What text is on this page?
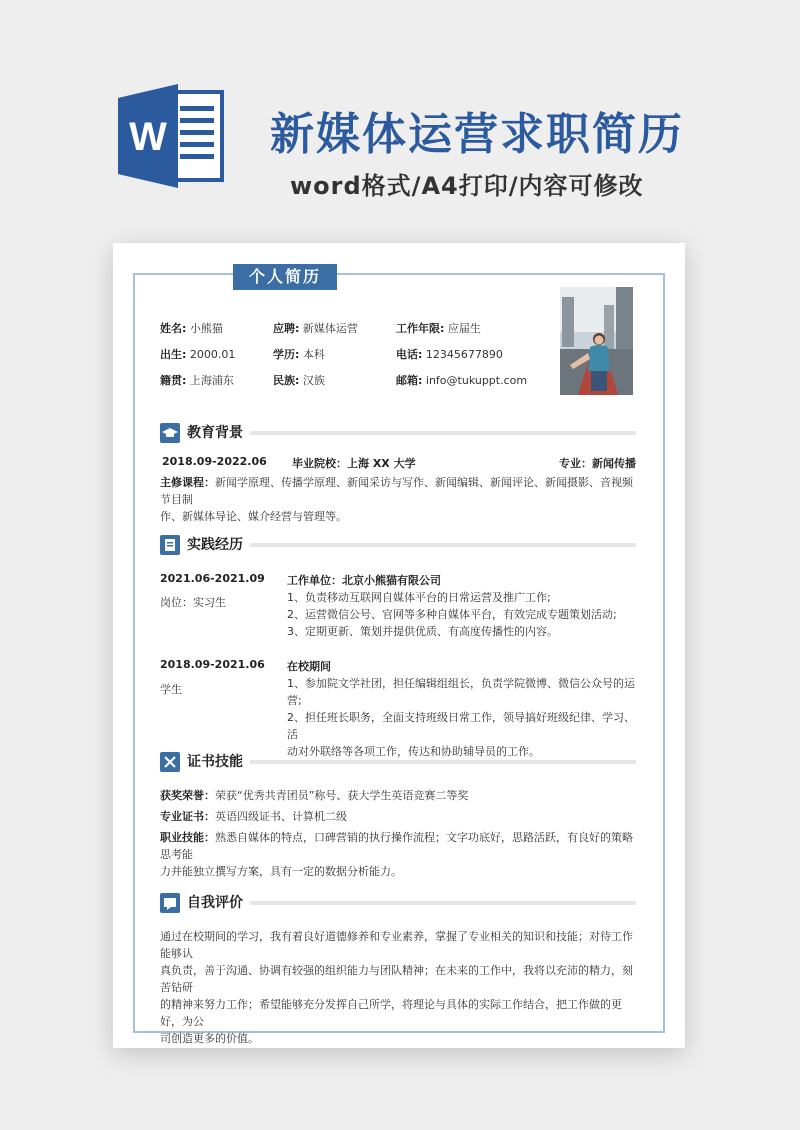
W 新媒体运营求职简历
word格式/A4打印/内容可修改
个人简历
姓名: 小熊猫	应聘: 新媒体运营	工作年限: 应届生
出生: 2000.01	学历: 本科	电话: 12345677890
籍贯: 上海浦东	民族: 汉族	邮箱: info@tukuppt.com
教育背景
2018.09-2022.06 毕业院校：上海 XX 大学	专业：新闻传播
主修课程：新闻学原理、传播学原理、新闻采访与写作、新闻编辑、新闻评论、新闻摄影、音视频节目制
作、新媒体导论、媒介经营与管理等。
实践经历
2021.06-2021.09
岗位：实习生
工作单位：北京小熊猫有限公司
1、负责移动互联网自媒体平台的日常运营及推广工作;
2、运营微信公号、官网等多种自媒体平台，有效完成专题策划活动;
3、定期更新、策划并提供优质、有高度传播性的内容。
2018.09-2021.06
学生
在校期间
1、参加院文学社团，担任编辑组组长，负责学院微博、微信公众号的运营;
2、担任班长职务，全面支持班级日常工作，领导搞好班级纪律、学习、活
动对外联络等各项工作，传达和协助辅导员的工作。
证书技能
获奖荣誉：荣获“优秀共青团员”称号、获大学生英语竞赛二等奖
专业证书：英语四级证书、计算机二级
职业技能：熟悉自媒体的特点，口碑营销的执行操作流程；文字功底好，思路活跃，有良好的策略思考能
力并能独立撰写方案，具有一定的数据分析能力。
自我评价
通过在校期间的学习，我有着良好道德修养和专业素养，掌握了专业相关的知识和技能；对待工作能够认
真负责，善于沟通、协调有较强的组织能力与团队精神；在未来的工作中，我将以充沛的精力，刻苦钻研
的精神来努力工作；希望能够充分发挥自己所学，将理论与具体的实际工作结合，把工作做的更好，为公
司创造更多的价值。
